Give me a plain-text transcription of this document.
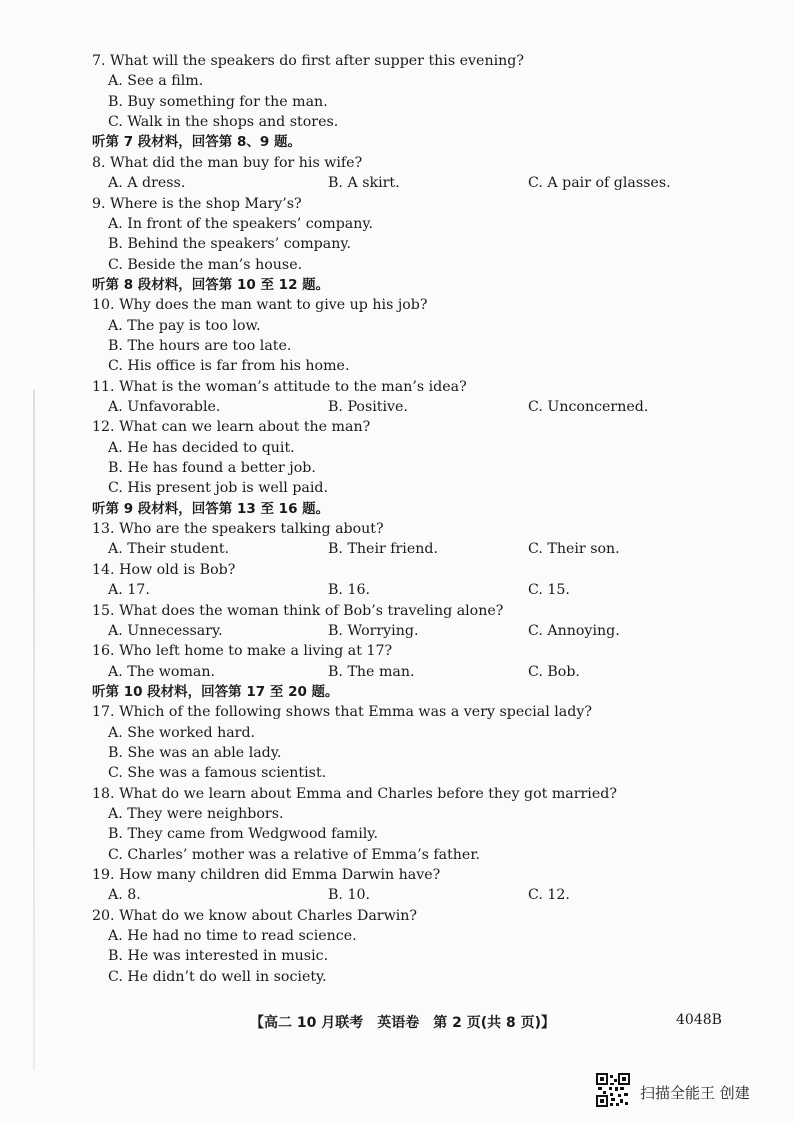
7. What will the speakers do first after supper this evening?
A. See a film.
B. Buy something for the man.
C. Walk in the shops and stores.
听第 7 段材料，回答第 8、9 题。
8. What did the man buy for his wife?
A. A dress.	B. A skirt.	C. A pair of glasses.
9. Where is the shop Mary’s?
A. In front of the speakers’ company.
B. Behind the speakers’ company.
C. Beside the man’s house.
听第 8 段材料，回答第 10 至 12 题。
10. Why does the man want to give up his job?
A. The pay is too low.
B. The hours are too late.
C. His office is far from his home.
11. What is the woman’s attitude to the man’s idea?
A. Unfavorable.	B. Positive.	C. Unconcerned.
12. What can we learn about the man?
A. He has decided to quit.
B. He has found a better job.
C. His present job is well paid.
听第 9 段材料，回答第 13 至 16 题。
13. Who are the speakers talking about?
A. Their student.	B. Their friend.	C. Their son.
14. How old is Bob?
A. 17.	B. 16.	C. 15.
15. What does the woman think of Bob’s traveling alone?
A. Unnecessary.	B. Worrying.	C. Annoying.
16. Who left home to make a living at 17?
A. The woman.	B. The man.	C. Bob.
听第 10 段材料，回答第 17 至 20 题。
17. Which of the following shows that Emma was a very special lady?
A. She worked hard.
B. She was an able lady.
C. She was a famous scientist.
18. What do we learn about Emma and Charles before they got married?
A. They were neighbors.
B. They came from Wedgwood family.
C. Charles’ mother was a relative of Emma’s father.
19. How many children did Emma Darwin have?
A. 8.	B. 10.	C. 12.
20. What do we know about Charles Darwin?
A. He had no time to read science.
B. He was interested in music.
C. He didn’t do well in society.
【高二 10 月联考　英语卷　第 2 页(共 8 页)】	4048B
扫描全能王 创建
